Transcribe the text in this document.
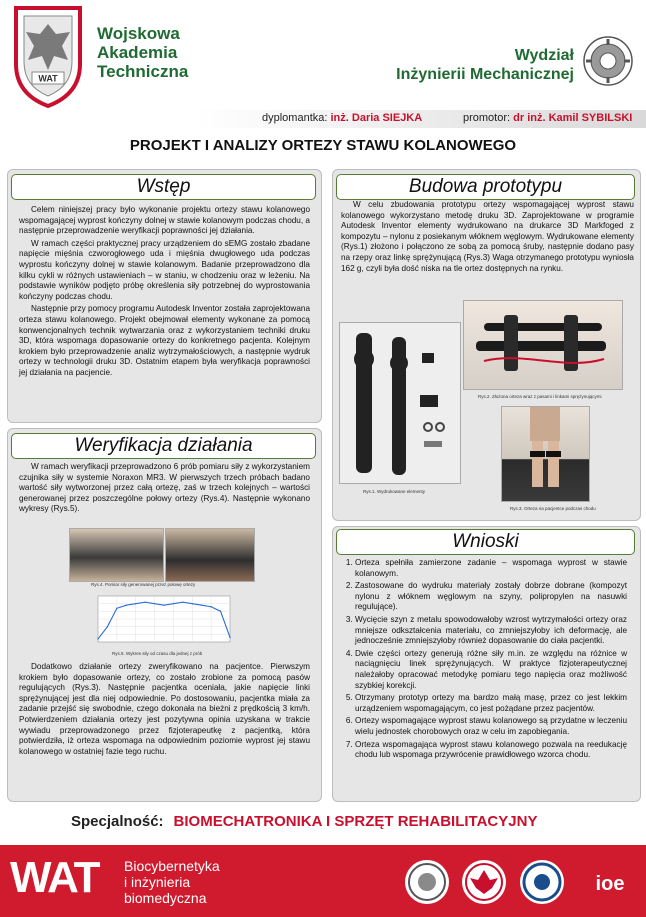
WAT
Wojskowa
Akademia
Techniczna
Wydział
Inżynierii Mechanicznej
dyplomantka: inż. Daria SIEJKA	promotor: dr inż. Kamil SYBILSKI
PROJEKT I ANALIZY ORTEZY STAWU KOLANOWEGO
Wstęp

Celem niniejszej pracy było wykonanie projektu ortezy stawu kolanowego wspomagającej wyprost kończyny dolnej w stawie kolanowym podczas chodu, a następnie przeprowadzenie weryfikacji poprawności jej działania.

W ramach części praktycznej pracy urządzeniem do sEMG zostało zbadane napięcie mięśnia czworogłowego uda i mięśnia dwugłowego uda podczas wyprostu kończyny dolnej w stawie kolanowym. Badanie przeprowadzono dla kilku cykli w różnych ustawieniach – w staniu, w chodzeniu oraz w leżeniu. Na podstawie wyników podjęto próbę określenia siły potrzebnej do wyprostowania kończyny podczas chodu.

Następnie przy pomocy programu Autodesk Inventor została zaprojektowana orteza stawu kolanowego. Projekt obejmował elementy wykonane za pomocą konwencjonalnych technik wytwarzania oraz z wykorzystaniem techniki druku 3D, która wspomaga dopasowanie ortezy do konkretnego pacjenta. Kolejnym krokiem było przeprowadzenie analiz wytrzymałościowych, a następnie wydruk ortezy w technologii druku 3D. Ostatnim etapem była weryfikacja poprawności jej działania na pacjencie.

Weryfikacja działania

W ramach weryfikacji przeprowadzono 6 prób pomiaru siły z wykorzystaniem czujnika siły w systemie Noraxon MR3. W pierwszych trzech próbach badano wartość siły wytworzonej przez całą ortezę, zaś w trzech kolejnych – wartości generowanej przez poszczególne połowy ortezy (Rys.4). Następnie wykonano wykresy (Rys.5).

Rys.4. Pomiar siły generowanej przez połowę ortezy
Rys.5. Wykres siły od czasu dla jednej z prób

Dodatkowo działanie ortezy zweryfikowano na pacjentce. Pierwszym krokiem było dopasowanie ortezy, co zostało zrobione za pomocą pasów regulujących (Rys.3). Następnie pacjentka oceniała, jakie napięcie linki sprężynującej jest dla niej odpowiednie. Po dostosowaniu, pacjentka miała za zadanie przejść się swobodnie, czego dokonała na bieżni z prędkością 3 km/h. Potwierdzeniem działania ortezy jest pozytywna opinia uzyskana w trakcie wywiadu przeprowadzonego przez fizjoterapeutkę z pacjentką, która potwierdziła, iż orteza wspomaga na odpowiednim poziomie wyprost jej stawu kolanowego w ostatniej fazie tego ruchu.

Budowa prototypu

W celu zbudowania prototypu ortezy wspomagającej wyprost stawu kolanowego wykorzystano metodę druku 3D. Zaprojektowane w programie Autodesk Inventor elementy wydrukowano na drukarce 3D Markfoged z kompozytu – nylonu z posiekanym włóknem węglowym. Wydrukowane elementy (Rys.1) złożono i połączono ze sobą za pomocą śruby, następnie dodano pasy na rzepy oraz linkę sprężynującą (Rys.3) Waga otrzymanego prototypu wyniosła 162 g, czyli była dość niska na tle ortez dostępnych na rynku.

Rys.1. Wydrukowane elementy
Rys.2. Złożona orteza wraz z pasami i linkami sprężynującymi
Rys.3. Orteza na pacjentce podczas chodu
Wnioski
1. Orteza spełniła zamierzone zadanie – wspomaga wyprost w stawie kolanowym.
2. Zastosowane do wydruku materiały zostały dobrze dobrane (kompozyt nylonu z włóknem węglowym na szyny, polipropylen na nasuwki regulujące).
3. Wycięcie szyn z metalu spowodowałoby wzrost wytrzymałości ortezy oraz mniejsze odkształcenia materiału, co zmniejszyłoby ich deformację, ale jednocześnie zmniejszyłoby również dopasowanie do ciała pacjentki.
4. Dwie części ortezy generują różne siły m.in. ze względu na różnice w naciągnięciu linek sprężynujących. W praktyce fizjoterapeutycznej należałoby opracować metodykę pomiaru tego napięcia oraz możliwość szybkiej korekcji.
5. Otrzymany prototyp ortezy ma bardzo małą masę, przez co jest lekkim urządzeniem wspomagającym, co jest pożądane przez pacjentów.
6. Ortezy wspomagające wyprost stawu kolanowego są przydatne w leczeniu wielu jednostek chorobowych oraz w celu im zapobiegania.
7. Orteza wspomagająca wyprost stawu kolanowego pozwala na reedukację chodu lub wspomaga przywrócenie prawidłowego wzorca chodu.
Specjalność: BIOMECHATRONIKA I SPRZĘT REHABILITACYJNY
WAT Biocybernetyka
i inżynieria
biomedyczna
ioe
